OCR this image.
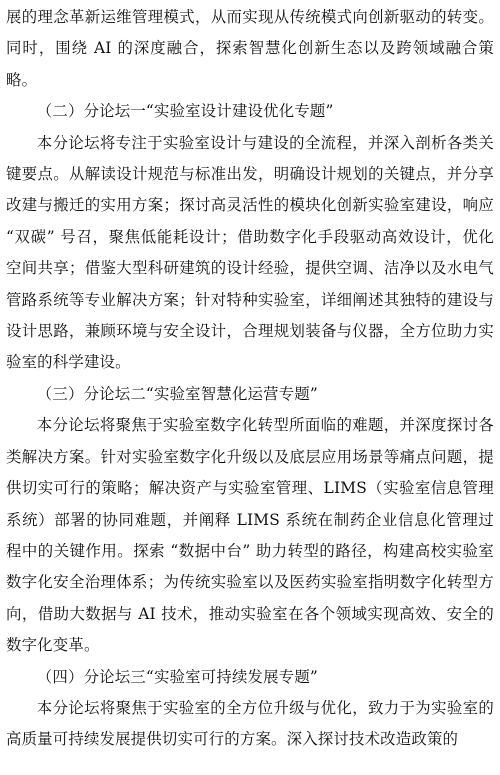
展的理念革新运维管理模式，从而实现从传统模式向创新驱动的转变。同时，围绕 AI 的深度融合，探索智慧化创新生态以及跨领域融合策略。

（二）分论坛一“实验室设计建设优化专题”

本分论坛将专注于实验室设计与建设的全流程，并深入剖析各类关键要点。从解读设计规范与标准出发，明确设计规划的关键点，并分享改建与搬迁的实用方案；探讨高灵活性的模块化创新实验室建设，响应 “双碳” 号召，聚焦低能耗设计；借助数字化手段驱动高效设计，优化空间共享；借鉴大型科研建筑的设计经验，提供空调、洁净以及水电气管路系统等专业解决方案；针对特种实验室，详细阐述其独特的建设与设计思路，兼顾环境与安全设计，合理规划装备与仪器，全方位助力实验室的科学建设。

（三）分论坛二“实验室智慧化运营专题”

本分论坛将聚焦于实验室数字化转型所面临的难题，并深度探讨各类解决方案。针对实验室数字化升级以及底层应用场景等痛点问题，提供切实可行的策略；解决资产与实验室管理、LIMS（实验室信息管理系统）部署的协同难题，并阐释 LIMS 系统在制药企业信息化管理过程中的关键作用。探索 “数据中台” 助力转型的路径，构建高校实验室数字化安全治理体系；为传统实验室以及医药实验室指明数字化转型方向，借助大数据与 AI 技术，推动实验室在各个领域实现高效、安全的数字化变革。

（四）分论坛三“实验室可持续发展专题”

本分论坛将聚焦于实验室的全方位升级与优化，致力于为实验室的高质量可持续发展提供切实可行的方案。深入探讨技术改造政策的
